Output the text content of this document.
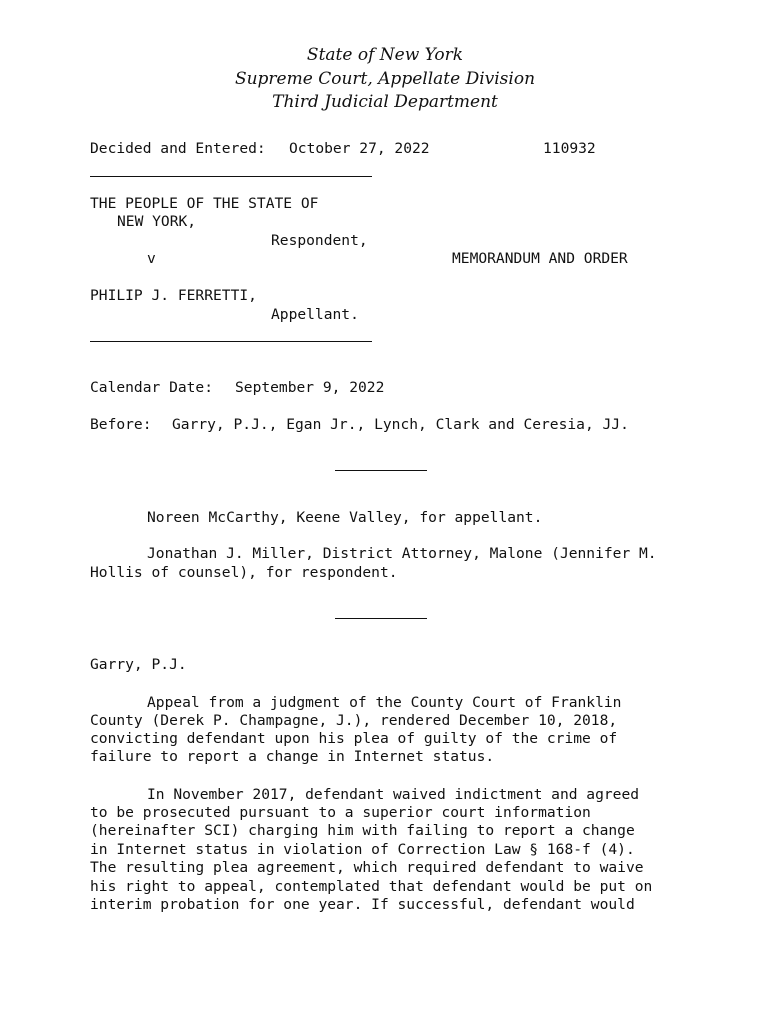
State of New York
Supreme Court, Appellate Division
Third Judicial Department
Decided and Entered: October 27, 2022	110932
THE PEOPLE OF THE STATE OF
NEW YORK,
Respondent,
v	MEMORANDUM AND ORDER
PHILIP J. FERRETTI,
Appellant.
Calendar Date: September 9, 2022
Before: Garry, P.J., Egan Jr., Lynch, Clark and Ceresia, JJ.
Noreen McCarthy, Keene Valley, for appellant.
Jonathan J. Miller, District Attorney, Malone (Jennifer M.
Hollis of counsel), for respondent.
Garry, P.J.
Appeal from a judgment of the County Court of Franklin
County (Derek P. Champagne, J.), rendered December 10, 2018,
convicting defendant upon his plea of guilty of the crime of
failure to report a change in Internet status.
In November 2017, defendant waived indictment and agreed
to be prosecuted pursuant to a superior court information
(hereinafter SCI) charging him with failing to report a change
in Internet status in violation of Correction Law § 168-f (4).
The resulting plea agreement, which required defendant to waive
his right to appeal, contemplated that defendant would be put on
interim probation for one year. If successful, defendant would
